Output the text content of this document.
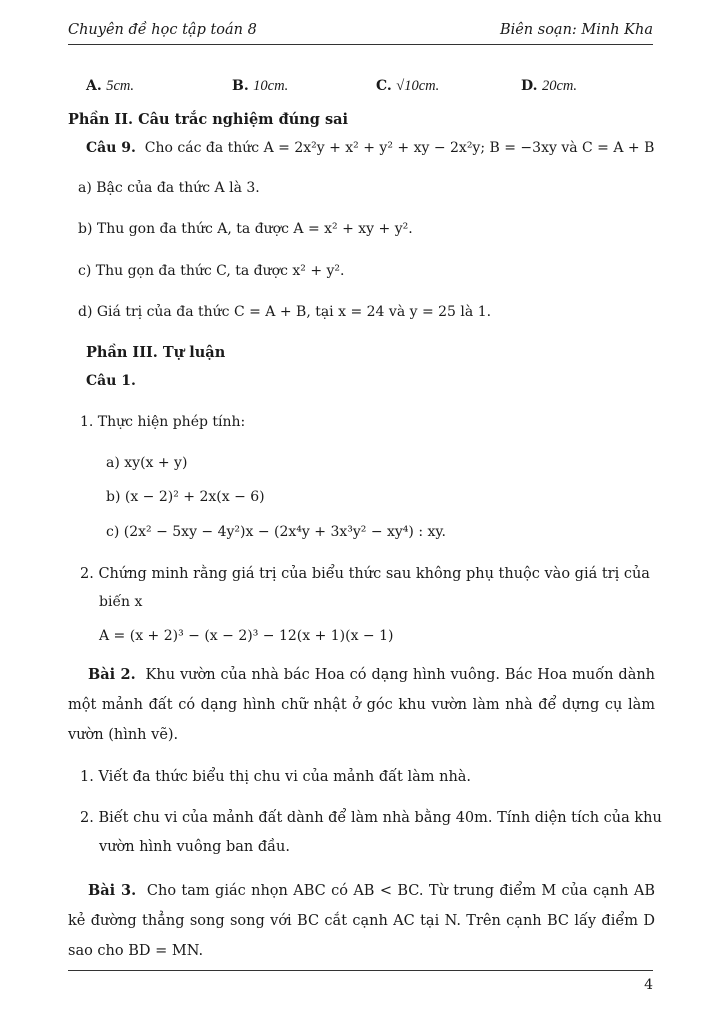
Chuyên đề học tập toán 8	Biên soạn: Minh Kha
A. 5cm.	B. 10cm.	C. √10cm.	D. 20cm.
Phần II. Câu trắc nghiệm đúng sai
Câu 9. Cho các đa thức A = 2x²y + x² + y² + xy − 2x²y; B = −3xy và C = A + B
a) Bậc của đa thức A là 3.
b) Thu gon đa thức A, ta được A = x² + xy + y².
c) Thu gọn đa thức C, ta được x² + y².
d) Giá trị của đa thức C = A + B, tại x = 24 và y = 25 là 1.
Phần III. Tự luận
Câu 1.
1. Thực hiện phép tính:
a) xy(x + y)
b) (x − 2)² + 2x(x − 6)
c) (2x² − 5xy − 4y²)x − (2x⁴y + 3x³y² − xy⁴) : xy.
2. Chứng minh rằng giá trị của biểu thức sau không phụ thuộc vào giá trị của
biến x
A = (x + 2)³ − (x − 2)³ − 12(x + 1)(x − 1)
Bài 2. Khu vườn của nhà bác Hoa có dạng hình vuông. Bác Hoa muốn dành một mảnh đất có dạng hình chữ nhật ở góc khu vườn làm nhà để dựng cụ làm vườn (hình vẽ).
1. Viết đa thức biểu thị chu vi của mảnh đất làm nhà.
2. Biết chu vi của mảnh đất dành để làm nhà bằng 40m. Tính diện tích của khu
vườn hình vuông ban đầu.
Bài 3. Cho tam giác nhọn ABC có AB < BC. Từ trung điểm M của cạnh AB kẻ đường thẳng song song với BC cắt cạnh AC tại N. Trên cạnh BC lấy điểm D sao cho BD = MN.
4
